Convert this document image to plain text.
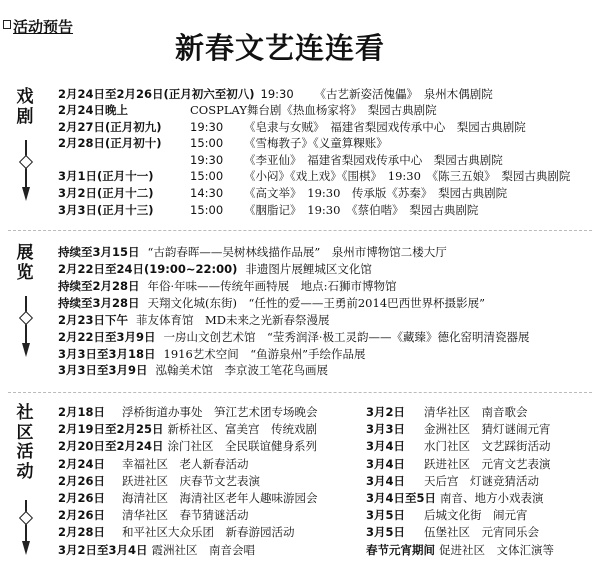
活动预告
新春文艺连连看
戏
剧
2月24日至2月26日(正月初六至初八) 19:30 《古艺新姿活傀儡》　泉州木偶剧院
2月24日晚上	COSPLAY舞台剧《热血杨家将》　梨园古典剧院
2月27日(正月初九) 19:30 《皂隶与女贼》　福建省梨园戏传承中心　梨园古典剧院
2月28日(正月初十) 15:00 《雪梅教子》《义童算粿账》
19:30 《李亚仙》　福建省梨园戏传承中心　梨园古典剧院
3月1日(正月十一)	15:00 《小闷》《戏上戏》《围棋》　19:30　《陈三五娘》　梨园古典剧院
3月2日(正月十二)	14:30 《高文举》　19:30　传承版《苏秦》　梨园古典剧院
3月3日(正月十三)	15:00 《胭脂记》　19:30　《蔡伯喈》　梨园古典剧院
展
览
持续至3月15日 “古韵春晖——吴树林线描作品展”　泉州市博物馆二楼大厅
2月22日至24日(19:00~22:00) 非遗图片展鲤城区文化馆
持续至2月28日 年俗·年味——传统年画特展　地点:石狮市博物馆
持续至3月28日 天翔文化城(东街)　“任性的爱——王勇前2014巴西世界杯摄影展”
2月23日下午 菲友体育馆　MD未来之光新春祭漫展
2月22日至3月9日 一房山文创艺术馆　“莹秀润泽·极工灵韵——《藏臻》德化窑明清瓷器展
3月3日至3月18日 1916艺术空间　“鱼游泉州”手绘作品展
3月3日至3月9日 泓翰美术馆　李京波工笔花鸟画展
社
区
活
动
2月18日 浮桥街道办事处　笋江艺术团专场晚会
2月19日至2月25日 新桥社区、富美宫　传统戏剧
2月20日至2月24日 涂门社区　全民联谊健身系列
2月24日 幸福社区　老人新春活动
2月26日 跃进社区　庆春节文艺表演
2月26日 海清社区　海清社区老年人趣味游园会
2月26日 清华社区　春节猜谜活动
2月28日 和平社区大众乐团　新春游园活动
3月2日至3月4日 霞洲社区　南音会唱
3月2日 清华社区　南音歌会
3月3日 金洲社区　猜灯谜闹元宵
3月4日 水门社区　文艺踩街活动
3月4日 跃进社区　元宵文艺表演
3月4日 天后宫　灯谜竞猜活动
3月4日至5日 南音、地方小戏表演
3月5日 后城文化街　闹元宵
3月5日 伍堡社区　元宵同乐会
春节元宵期间 促进社区　文体汇演等
